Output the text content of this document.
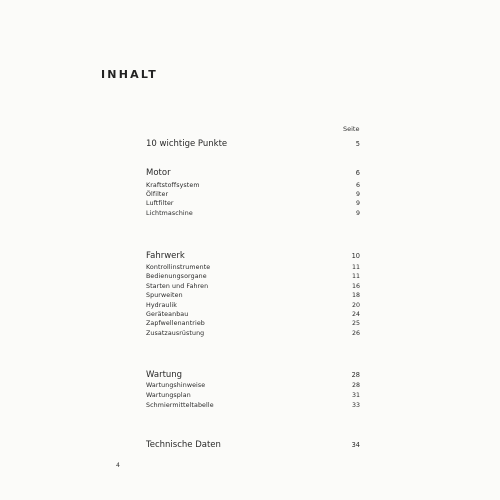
INHALT
Seite
10 wichtige Punkte	5
Motor	6
Kraftstoffsystem	6
Ölfilter	9
Luftfilter	9
Lichtmaschine	9
Fahrwerk	10
Kontrollinstrumente	11
Bedienungsorgane	11
Starten und Fahren	16
Spurweiten	18
Hydraulik	20
Geräteanbau	24
Zapfwellenantrieb	25
Zusatzausrüstung	26
Wartung	28
Wartungshinweise	28
Wartungsplan	31
Schmiermitteltabelle	33
Technische Daten	34
4
